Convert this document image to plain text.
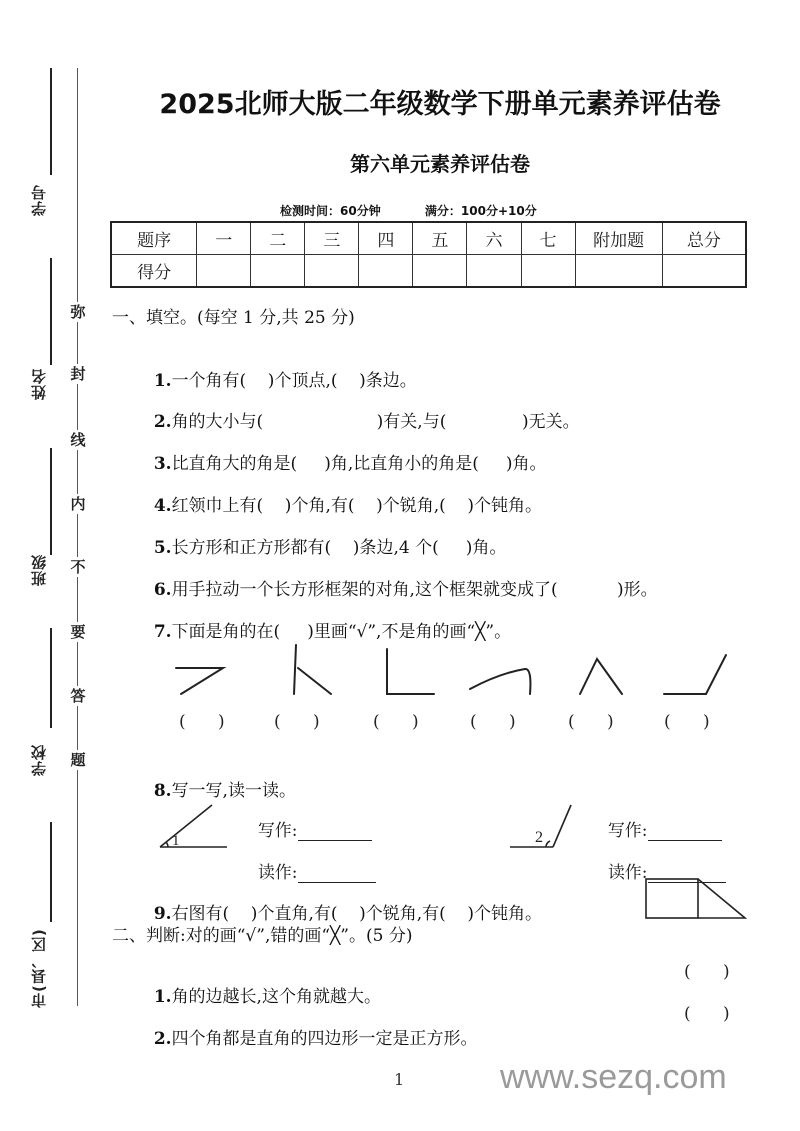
学号
姓名
班级
学校
市(县、区)
弥
封
线
内
不
要
答
题
2025北师大版二年级数学下册单元素养评估卷
第六单元素养评估卷
检测时间：60分钟	满分：100分+10分
题序	一	二	三	四	五	六	七	附加题	总分
得分									
一、填空。(每空 1 分,共 25 分)

1.一个角有(    )个顶点,(    )条边。

2.角的大小与(                     )有关,与(              )无关。

3.比直角大的角是(     )角,比直角小的角是(     )角。

4.红领巾上有(    )个角,有(    )个锐角,(    )个钝角。

5.长方形和正方形都有(    )条边,4 个(     )角。

6.用手拉动一个长方形框架的对角,这个框架就变成了(           )形。

7.下面是角的在(     )里画“√”,不是角的画“╳”。

(      )	(      )	(      )	(      )	(      )	(      )

8.写一写,读一读。

1	2

写作:

读作:

写作:

读作:

9.右图有(    )个直角,有(    )个锐角,有(    )个钝角。

二、判断:对的画“√”,错的画“╳”。(5 分)

1.角的边越长,这个角就越大。

(      )

2.四个角都是直角的四边形一定是正方形。

(      )
1	www.sezq.com
